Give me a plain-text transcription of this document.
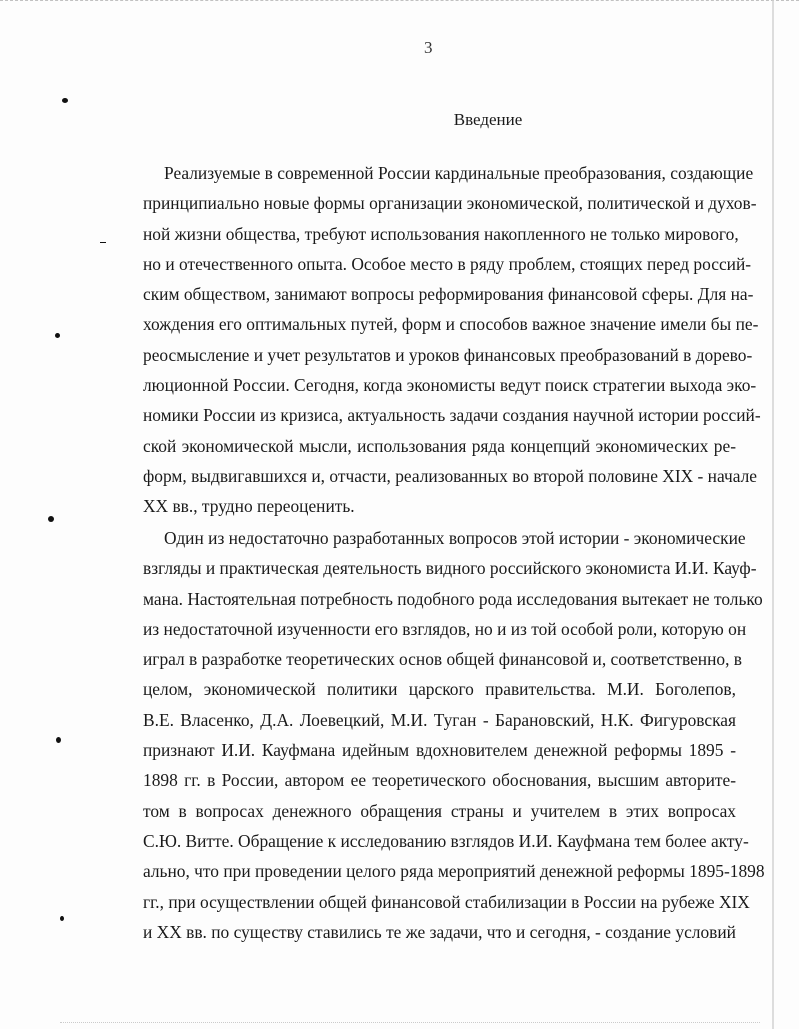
3
Введение
Реализуемые в современной России кардинальные преобразования, создающие
принципиально новые формы организации экономической, политической и духов-
ной жизни общества, требуют использования накопленного не только мирового,
но и отечественного опыта. Особое место в ряду проблем, стоящих перед россий-
ским обществом, занимают вопросы реформирования финансовой сферы. Для на-
хождения его оптимальных путей, форм и способов важное значение имели бы пе-
реосмысление и учет результатов и уроков финансовых преобразований в дорево-
люционной России. Сегодня, когда экономисты ведут поиск стратегии выхода эко-
номики России из кризиса, актуальность задачи создания научной истории россий-
ской экономической мысли, использования ряда концепций экономических ре-
форм, выдвигавшихся и, отчасти, реализованных во второй половине XIX - начале
XX вв., трудно переоценить.
Один из недостаточно разработанных вопросов этой истории - экономические
взгляды и практическая деятельность видного российского экономиста И.И. Кауф-
мана. Настоятельная потребность подобного рода исследования вытекает не только
из недостаточной изученности его взглядов, но и из той особой роли, которую он
играл в разработке теоретических основ общей финансовой и, соответственно, в
целом, экономической политики царского правительства. М.И. Боголепов,
В.Е. Власенко, Д.А. Лоевецкий, М.И. Туган - Барановский, Н.К. Фигуровская
признают И.И. Кауфмана идейным вдохновителем денежной реформы 1895 -
1898 гг. в России, автором ее теоретического обоснования, высшим авторите-
том в вопросах денежного обращения страны и учителем в этих вопросах
С.Ю. Витте. Обращение к исследованию взглядов И.И. Кауфмана тем более акту-
ально, что при проведении целого ряда мероприятий денежной реформы 1895-1898
гг., при осуществлении общей финансовой стабилизации в России на рубеже XIX
и XX вв. по существу ставились те же задачи, что и сегодня, - создание условий
